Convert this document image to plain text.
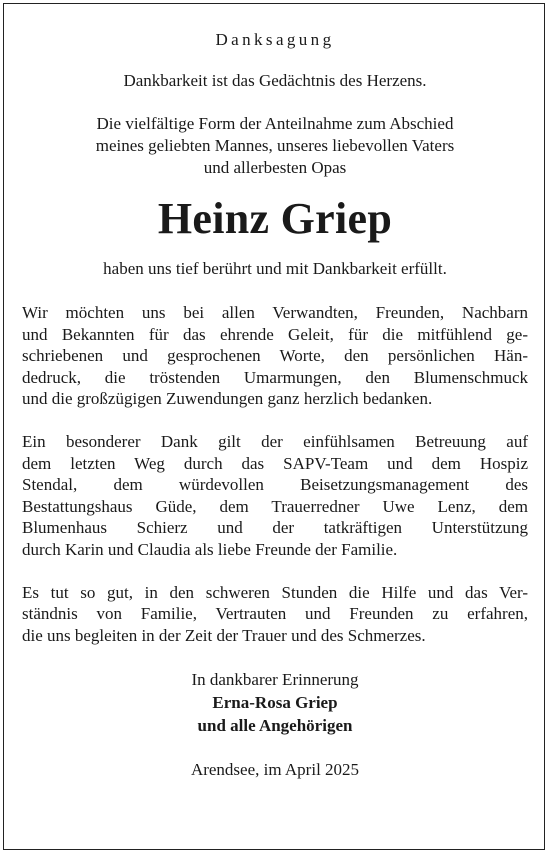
Danksagung

Dankbarkeit ist das Gedächtnis des Herzens.

Die vielfältige Form der Anteilnahme zum Abschied
meines geliebten Mannes, unseres liebevollen Vaters
und allerbesten Opas

Heinz Griep

haben uns tief berührt und mit Dankbarkeit erfüllt.

Wir möchten uns bei allen Verwandten, Freunden, Nachbarn
und Bekannten für das ehrende Geleit, für die mitfühlend ge-
schriebenen und gesprochenen Worte, den persönlichen Hän-
dedruck, die tröstenden Umarmungen, den Blumenschmuck
und die großzügigen Zuwendungen ganz herzlich bedanken.

Ein besonderer Dank gilt der einfühlsamen Betreuung auf
dem letzten Weg durch das SAPV-Team und dem Hospiz
Stendal, dem würdevollen Beisetzungsmanagement des
Bestattungshaus Güde, dem Trauerredner Uwe Lenz, dem
Blumenhaus Schierz und der tatkräftigen Unterstützung
durch Karin und Claudia als liebe Freunde der Familie.

Es tut so gut, in den schweren Stunden die Hilfe und das Ver-
ständnis von Familie, Vertrauten und Freunden zu erfahren,
die uns begleiten in der Zeit der Trauer und des Schmerzes.

In dankbarer Erinnerung
Erna-Rosa Griep
und alle Angehörigen

Arendsee, im April 2025
